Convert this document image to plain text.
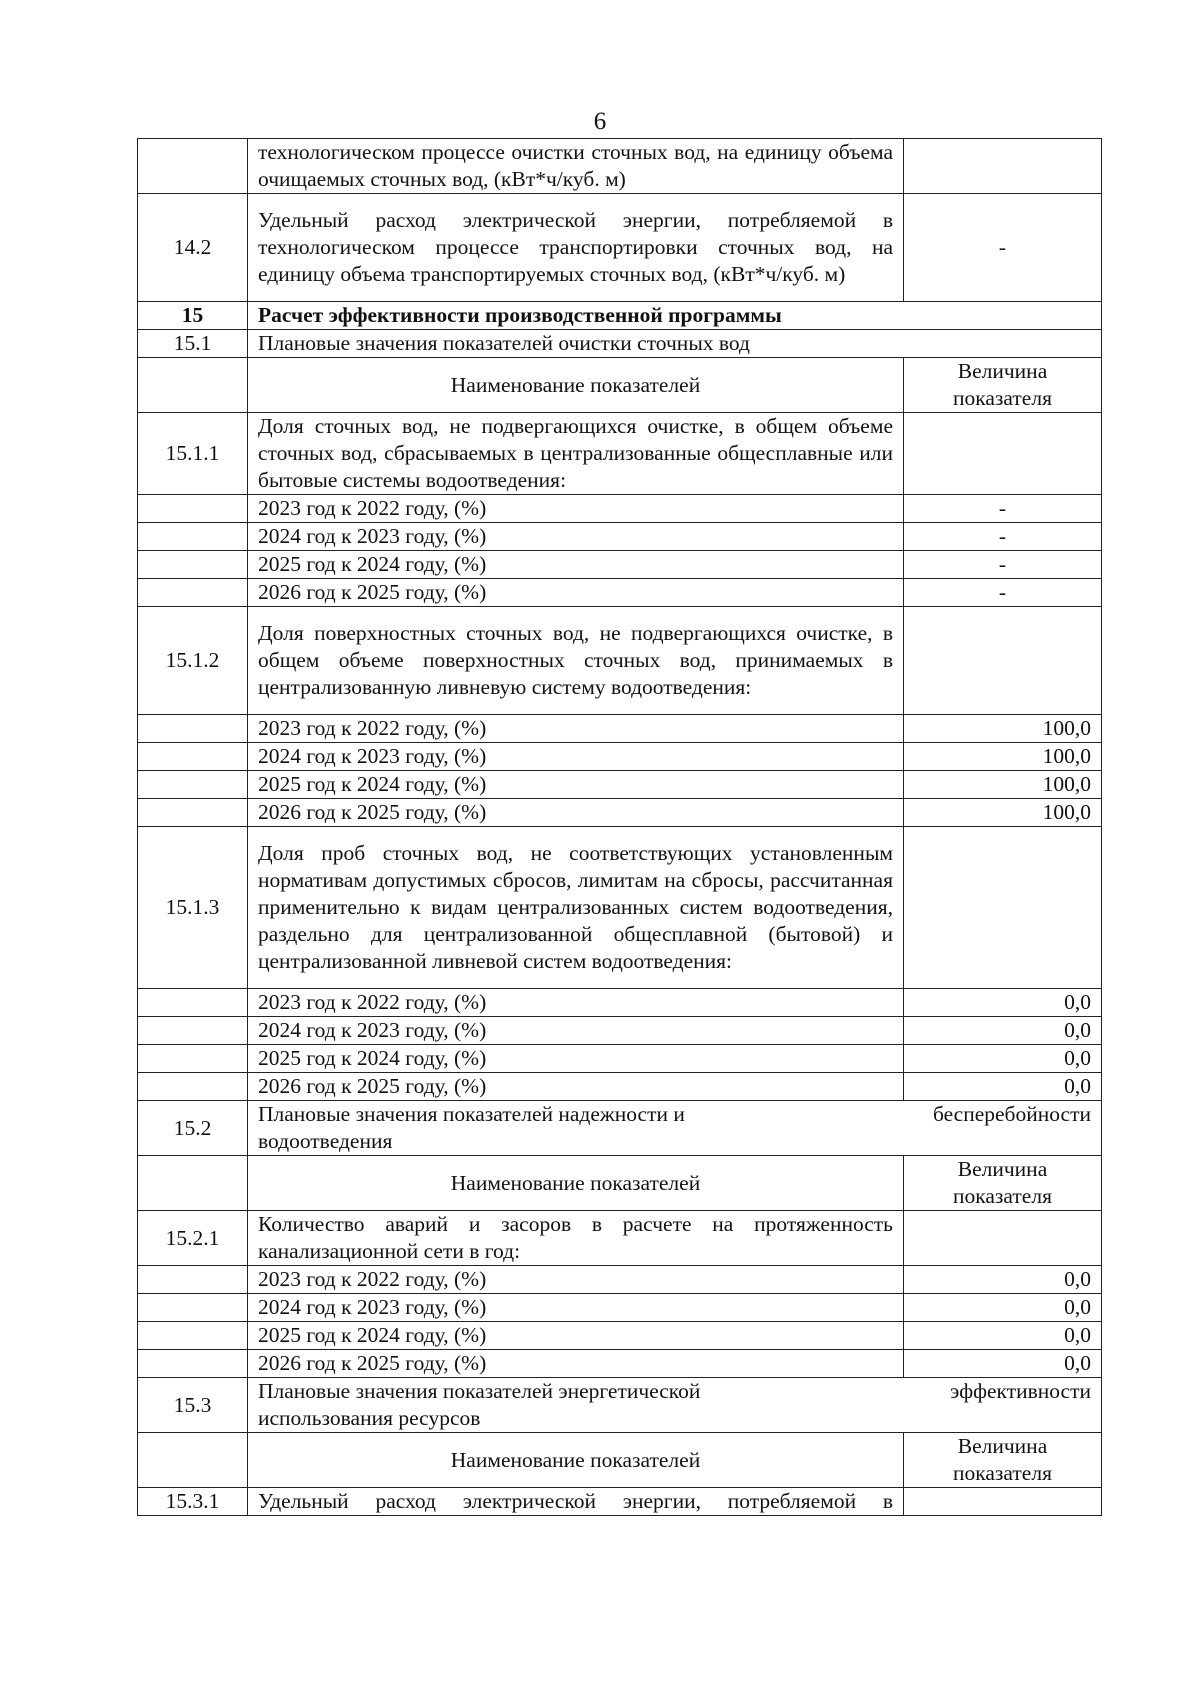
6
	технологическом процессе очистки сточных вод, на единицу объема очищаемых сточных вод, (кВт*ч/куб. м)	
14.2	Удельный расход электрической энергии, потребляемой в технологическом процессе транспортировки сточных вод, на единицу объема транспортируемых сточных вод, (кВт*ч/куб. м)	-
15	Расчет эффективности производственной программы	
15.1	Плановые значения показателей очистки сточных вод	
	Наименование показателей	Величина показателя
15.1.1	Доля сточных вод, не подвергающихся очистке, в общем объеме сточных вод, сбрасываемых в централизованные общесплавные или бытовые системы водоотведения:	
	2023 год к 2022 году, (%)	-
	2024 год к 2023 году, (%)	-
	2025 год к 2024 году, (%)	-
	2026 год к 2025 году, (%)	-
15.1.2	Доля поверхностных сточных вод, не подвергающихся очистке, в общем объеме поверхностных сточных вод, принимаемых в централизованную ливневую систему водоотведения:	
	2023 год к 2022 году, (%)	100,0
	2024 год к 2023 году, (%)	100,0
	2025 год к 2024 году, (%)	100,0
	2026 год к 2025 году, (%)	100,0
15.1.3	Доля проб сточных вод, не соответствующих установленным нормативам допустимых сбросов, лимитам на сбросы, рассчитанная применительно к видам централизованных систем водоотведения, раздельно для централизованной общесплавной (бытовой) и централизованной ливневой систем водоотведения:	
	2023 год к 2022 году, (%)	0,0
	2024 год к 2023 году, (%)	0,0
	2025 год к 2024 году, (%)	0,0
	2026 год к 2025 году, (%)	0,0
15.2	Плановые значения показателей надежности и бесперебойности
водоотведения	

	Наименование показателей	Величина показателя
15.2.1	Количество аварий и засоров в расчете на протяженность канализационной сети в год:	
	2023 год к 2022 году, (%)	0,0
	2024 год к 2023 году, (%)	0,0
	2025 год к 2024 году, (%)	0,0
	2026 год к 2025 году, (%)	0,0
15.3	Плановые значения показателей энергетической эффективности
использования ресурсов	

	Наименование показателей	Величина показателя
15.3.1	Удельный расход электрической энергии, потребляемой в	
